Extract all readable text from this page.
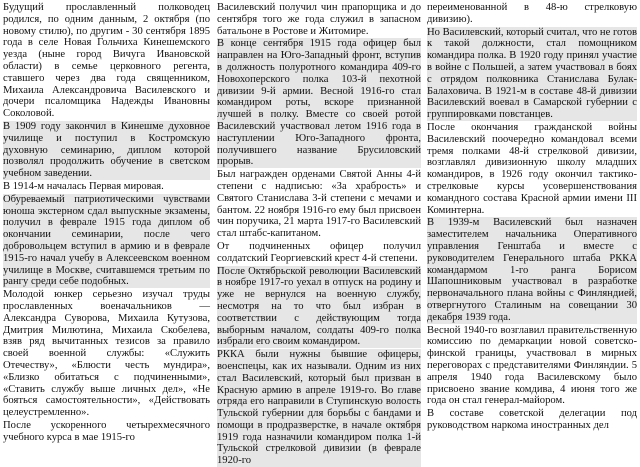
Будущий прославленный полководец родился, по одним данным, 2 октября (по новому стилю), по другим - 30 сентября 1895 года в селе Новая Гольчиха Кинешемского уезда (ныне город Вичуга Ивановской области) в семье церковного регента, ставшего через два года священником, Михаила Александровича Василевского и дочери псаломщика Надежды Ивановны Соколовой.

В 1909 году закончил в Кинешме духовное училище и поступил в Костромскую духовную семинарию, диплом которой позволял продолжить обучение в светском учебном заведении.

В 1914-м началась Первая мировая.

Обуреваемый патриотическими чувствами юноша экстерном сдал выпускные экзамены, получил в феврале 1915 года диплом об окончании семинарии, после чего добровольцем вступил в армию и в феврале 1915-го начал учебу в Алексеевском военном училище в Москве, считавшемся третьим по рангу среди себе подобных.

Молодой юнкер серьезно изучал труды прославленных военачальников — Александра Суворова, Михаила Кутузова, Дмитрия Милютина, Михаила Скобелева, взяв ряд вычитанных тезисов за правило своей военной службы: «Служить Отечеству», «Блюсти честь мундира», «Близко обитаться с подчиненными», «Ставить службу выше личных дел», «Не бояться самостоятельности», «Действовать целеустремленно».

После ускоренного четырехмесячного учебного курса в мае 1915-го

Василевский получил чин прапорщика и до сентября того же года служил в запасном батальоне в Ростове и Житомире.

В конце сентября 1915 года офицер был направлен на Юго-Западный фронт, вступив в должность полуротного командира 409-го Новохоперского полка 103-й пехотной дивизии 9-й армии. Весной 1916-го стал командиром роты, вскоре признанной лучшей в полку. Вместе со своей ротой Василевский участвовал летом 1916 года в наступлении Юго-Западного фронта, получившего название Брусиловский прорыв.

Был награжден орденами Святой Анны 4-й степени с надписью: «За храбрость» и Святого Станислава 3-й степени с мечами и бантом. 22 ноября 1916-го ему был присвоен чин поручика, 21 марта 1917-го Василевский стал штабс-капитаном.

От подчиненных офицер получил солдатский Георгиевский крест 4-й степени.

После Октябрьской революции Василевский в ноябре 1917-го уехал в отпуск на родину и уже не вернулся на военную службу, несмотря на то что был избран в соответствии с действующим тогда выборным началом, солдаты 409-го полка избрали его своим командиром.

РККА были нужны бывшие офицеры, военспецы, как их называли. Одним из них стал Василевский, который был призван в Красную армию в апреле 1919-го. Во главе отряда его направили в Ступинскую волость Тульской губернии для борьбы с бандами и помощи в продразверстке, в начале октября 1919 года назначили командиром полка 1-й Тульской стрелковой дивизии (в феврале 1920-го

переименованной в 48-ю стрелковую дивизию).

Но Василевский, который считал, что не готов к такой должности, стал помощником командира полка. В 1920 году принял участие в войне с Польшей, а затем участвовал в боях с отрядом полковника Станислава Булак-Балаховича. В 1921-м в составе 48-й дивизии Василевский воевал в Самарской губернии с группировками повстанцев.

После окончания гражданской войны Василевский поочередно командовал всеми тремя полками 48-й стрелковой дивизии, возглавлял дивизионную школу младших командиров, в 1926 году окончил тактико-стрелковые курсы усовершенствования командного состава Красной армии имени III Коминтерна.

В 1939-м Василевский был назначен заместителем начальника Оперативного управления Генштаба и вместе с руководителем Генерального штаба РККА командармом 1-го ранга Борисом Шапошниковым участвовал в разработке первоначального плана войны с Финляндией, отвергнутого Сталиным на совещании 30 декабря 1939 года.

Весной 1940-го возглавил правительственную комиссию по демаркации новой советско-финской границы, участвовал в мирных переговорах с представителями Финляндии. 5 апреля 1940 года Василевскому было присвоено звание комдива, 4 июня того же года он стал генерал-майором.

В составе советской делегации под руководством наркома иностранных дел
